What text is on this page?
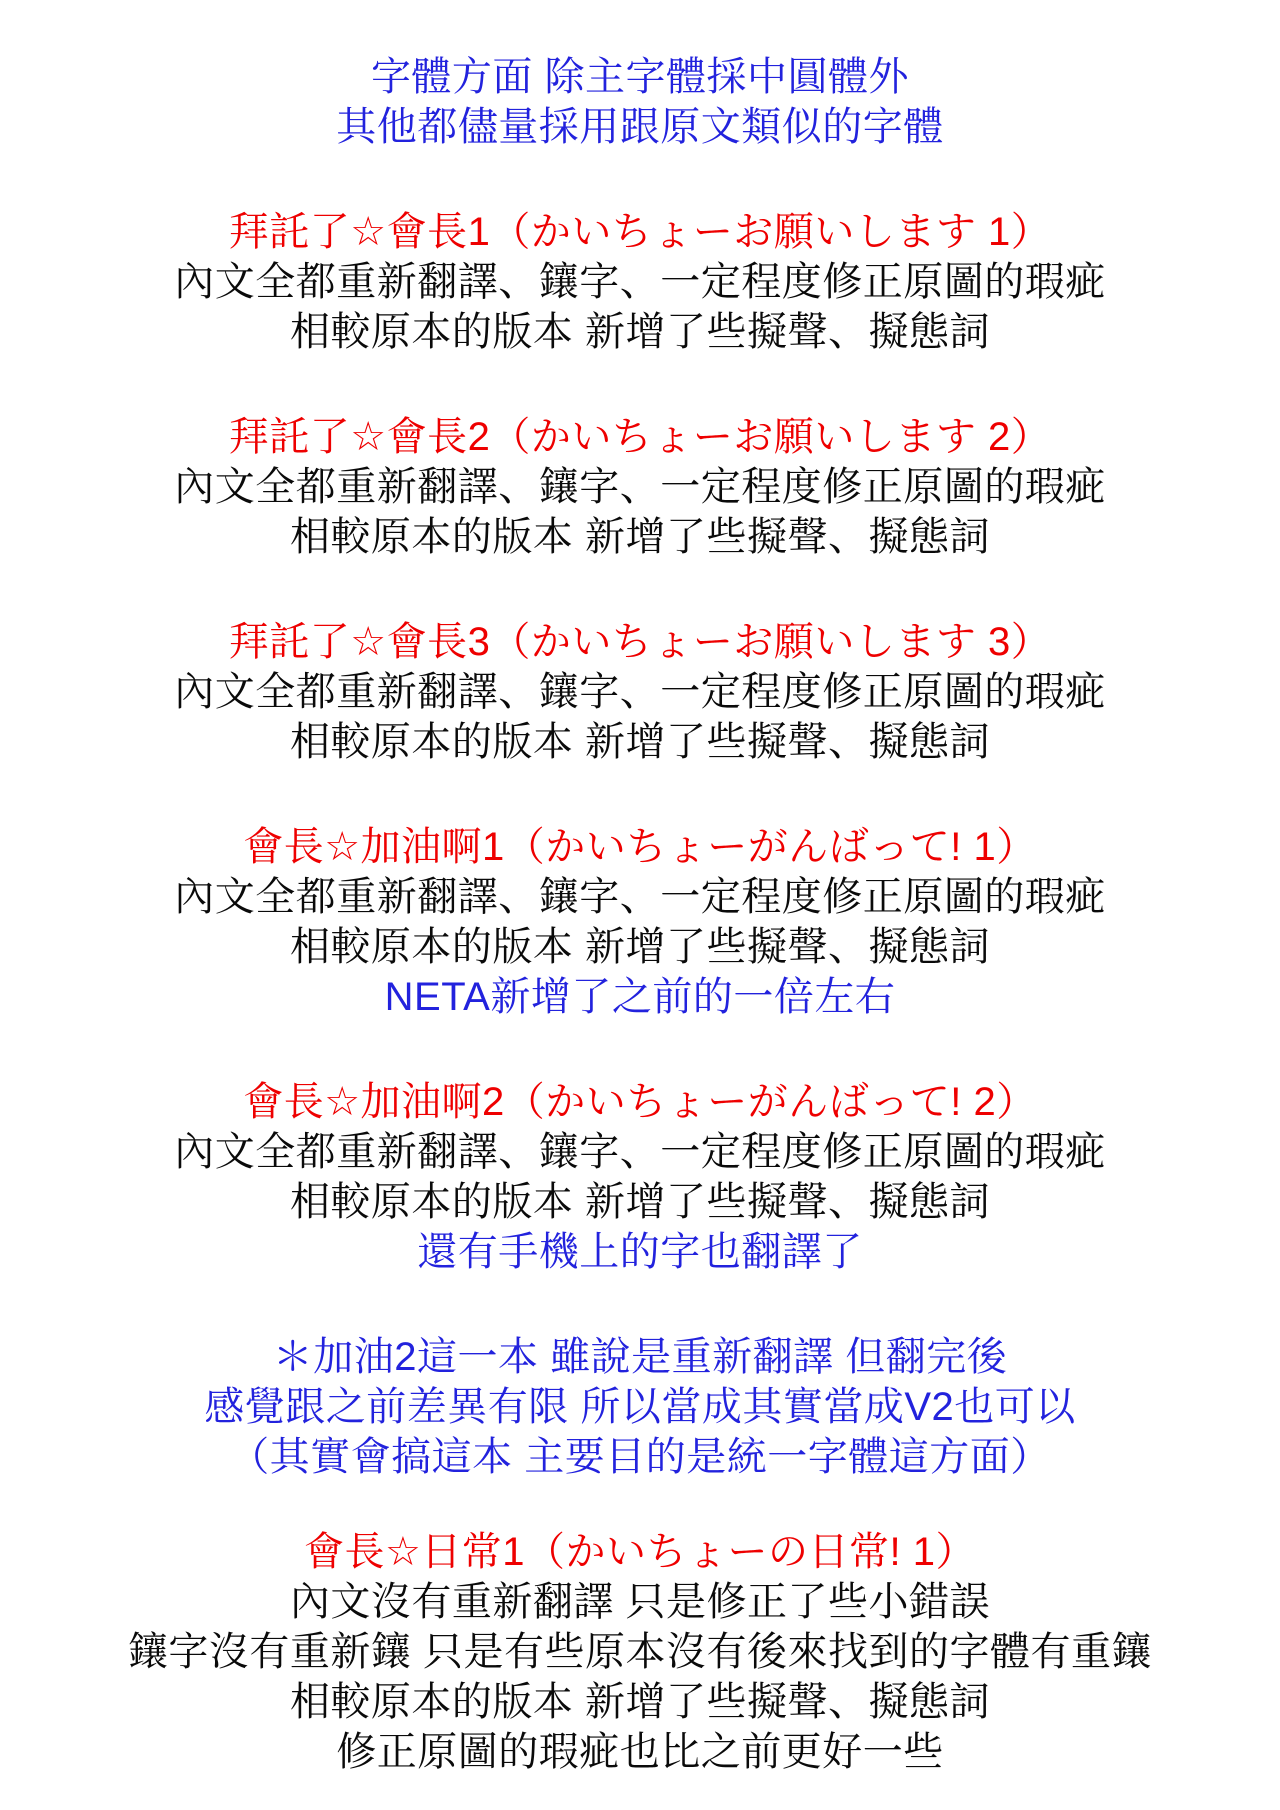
字體方面 除主字體採中圓體外

其他都儘量採用跟原文類似的字體

拜託了☆會長1（かいちょーお願いします 1）

內文全都重新翻譯、鑲字、一定程度修正原圖的瑕疵

相較原本的版本 新增了些擬聲、擬態詞

拜託了☆會長2（かいちょーお願いします 2）

內文全都重新翻譯、鑲字、一定程度修正原圖的瑕疵

相較原本的版本 新增了些擬聲、擬態詞

拜託了☆會長3（かいちょーお願いします 3）

內文全都重新翻譯、鑲字、一定程度修正原圖的瑕疵

相較原本的版本 新增了些擬聲、擬態詞

會長☆加油啊1（かいちょーがんばって! 1）

內文全都重新翻譯、鑲字、一定程度修正原圖的瑕疵

相較原本的版本 新增了些擬聲、擬態詞

NETA新增了之前的一倍左右

會長☆加油啊2（かいちょーがんばって! 2）

內文全都重新翻譯、鑲字、一定程度修正原圖的瑕疵

相較原本的版本 新增了些擬聲、擬態詞

還有手機上的字也翻譯了

＊加油2這一本 雖說是重新翻譯 但翻完後

感覺跟之前差異有限 所以當成其實當成V2也可以

（其實會搞這本 主要目的是統一字體這方面）

會長☆日常1（かいちょーの日常! 1）

內文沒有重新翻譯 只是修正了些小錯誤

鑲字沒有重新鑲 只是有些原本沒有後來找到的字體有重鑲

相較原本的版本 新增了些擬聲、擬態詞

修正原圖的瑕疵也比之前更好一些
